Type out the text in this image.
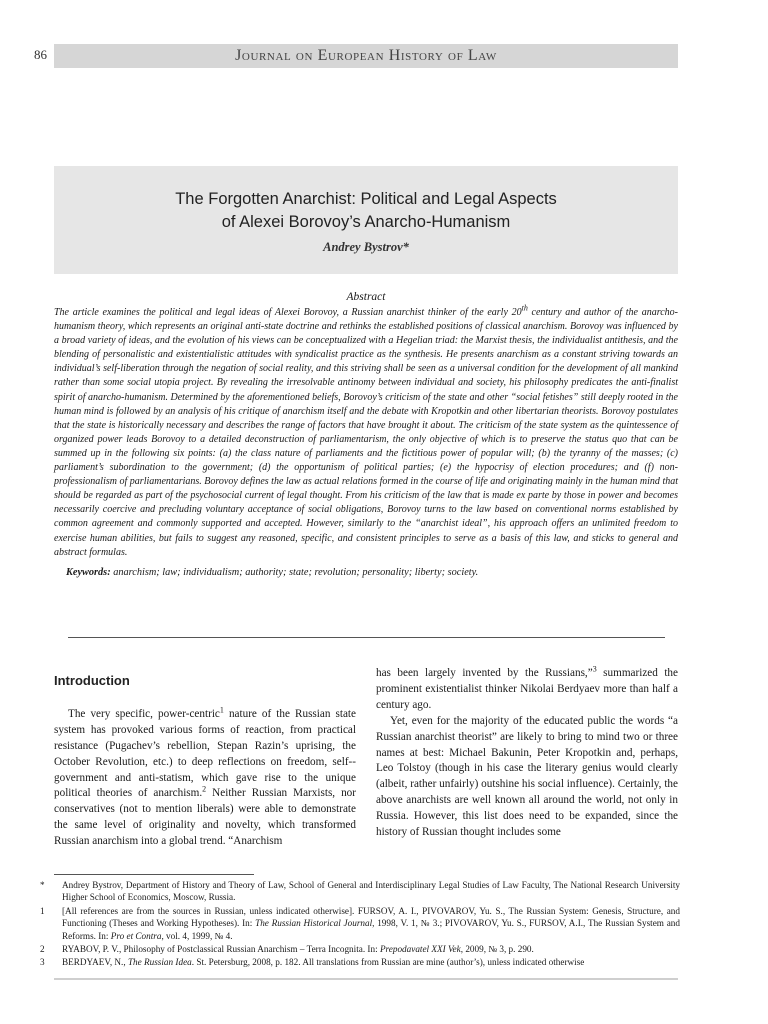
86	Journal on European History of Law
The Forgotten Anarchist: Political and Legal Aspects
of Alexei Borovoy’s Anarcho-Humanism
Andrey Bystrov*
Abstract

The article examines the political and legal ideas of Alexei Borovoy, a Russian anarchist thinker of the early 20th century and author of the anarcho-humanism theory, which represents an original anti-state doctrine and rethinks the established positions of classical anarchism. Borovoy was influenced by a broad variety of ideas, and the evolution of his views can be conceptualized with a Hegelian triad: the Marxist thesis, the individualist antithesis, and the blending of personalistic and existentialistic attitudes with syndicalist practice as the synthesis. He presents anarchism as a constant striving towards an individual’s self-liberation through the negation of social reality, and this striving shall be seen as a universal condition for the development of all mankind rather than some social utopia project. By revealing the irresolvable antinomy between individual and society, his philosophy predicates the anti-finalist spirit of anarcho-humanism. Determined by the aforementioned beliefs, Borovoy’s criticism of the state and other “social fetishes” still deeply rooted in the human mind is followed by an analysis of his critique of anarchism itself and the debate with Kropotkin and other libertarian theorists. Borovoy postulates that the state is historically necessary and describes the range of factors that have brought it about. The criticism of the state system as the quintessence of organized power leads Borovoy to a detailed deconstruction of parliamentarism, the only objective of which is to preserve the status quo that can be summed up in the following six points: (a) the class nature of parliaments and the fictitious power of popular will; (b) the tyranny of the masses; (c) parliament’s subordination to the government; (d) the opportunism of political parties; (e) the hypocrisy of election procedures; and (f) non-professionalism of parliamentarians. Borovoy defines the law as actual relations formed in the course of life and originating mainly in the human mind that should be regarded as part of the psychosocial current of legal thought. From his criticism of the law that is made ex parte by those in power and becomes necessarily coercive and precluding voluntary acceptance of social obligations, Borovoy turns to the law based on conventional norms established by common agreement and commonly supported and accepted. However, similarly to the “anarchist ideal”, his approach offers an unlimited freedom to exercise human abilities, but fails to suggest any reasoned, specific, and consistent principles to serve as a basis of this law, and sticks to general and abstract formulas.

Keywords: anarchism; law; individualism; authority; state; revolution; personality; liberty; society.
Introduction

The very specific, power-centric$^1$ nature of the Russian state system has provoked various forms of reaction, from practical resistance (Pugachev’s rebellion, Stepan Razin’s uprising, the October Revolution, etc.) to deep reflections on freedom, self--government and anti-statism, which gave rise to the unique political theories of anarchism.$^2$ Neither Russian Marxists, nor conservatives (not to mention liberals) were able to demonstrate the same level of originality and novelty, which transformed Russian anarchism into a global trend. “Anarchism

has been largely invented by the Russians,”$^3$ summarized the prominent existentialist thinker Nikolai Berdyaev more than half a century ago.

Yet, even for the majority of the educated public the words “a Russian anarchist theorist” are likely to bring to mind two or three names at best: Michael Bakunin, Peter Kropotkin and, perhaps, Leo Tolstoy (though in his case the literary genius would clearly (albeit, rather unfairly) outshine his social influence). Certainly, the above anarchists are well known all around the world, not only in Russia. However, this list does need to be expanded, since the history of Russian thought includes some

*	Andrey Bystrov, Department of History and Theory of Law, School of General and Interdisciplinary Legal Studies of Law Faculty, The National Research University Higher School of Economics, Moscow, Russia.
1	[All references are from the sources in Russian, unless indicated otherwise]. FURSOV, A. I., PIVOVAROV, Yu. S., The Russian System: Genesis, Structure, and Functioning (Theses and Working Hypotheses). In: The Russian Historical Journal, 1998, V. 1, № 3.; PIVOVAROV, Yu. S., FURSOV, A.I., The Russian System and Reforms. In: Pro et Contra, vol. 4, 1999, № 4.
2	RYABOV, P. V., Philosophy of Postclassical Russian Anarchism – Terra Incognita. In: Prepodavatel XXI Vek, 2009, № 3, p. 290.
3	BERDYAEV, N., The Russian Idea. St. Petersburg, 2008, p. 182. All translations from Russian are mine (author’s), unless indicated otherwise
